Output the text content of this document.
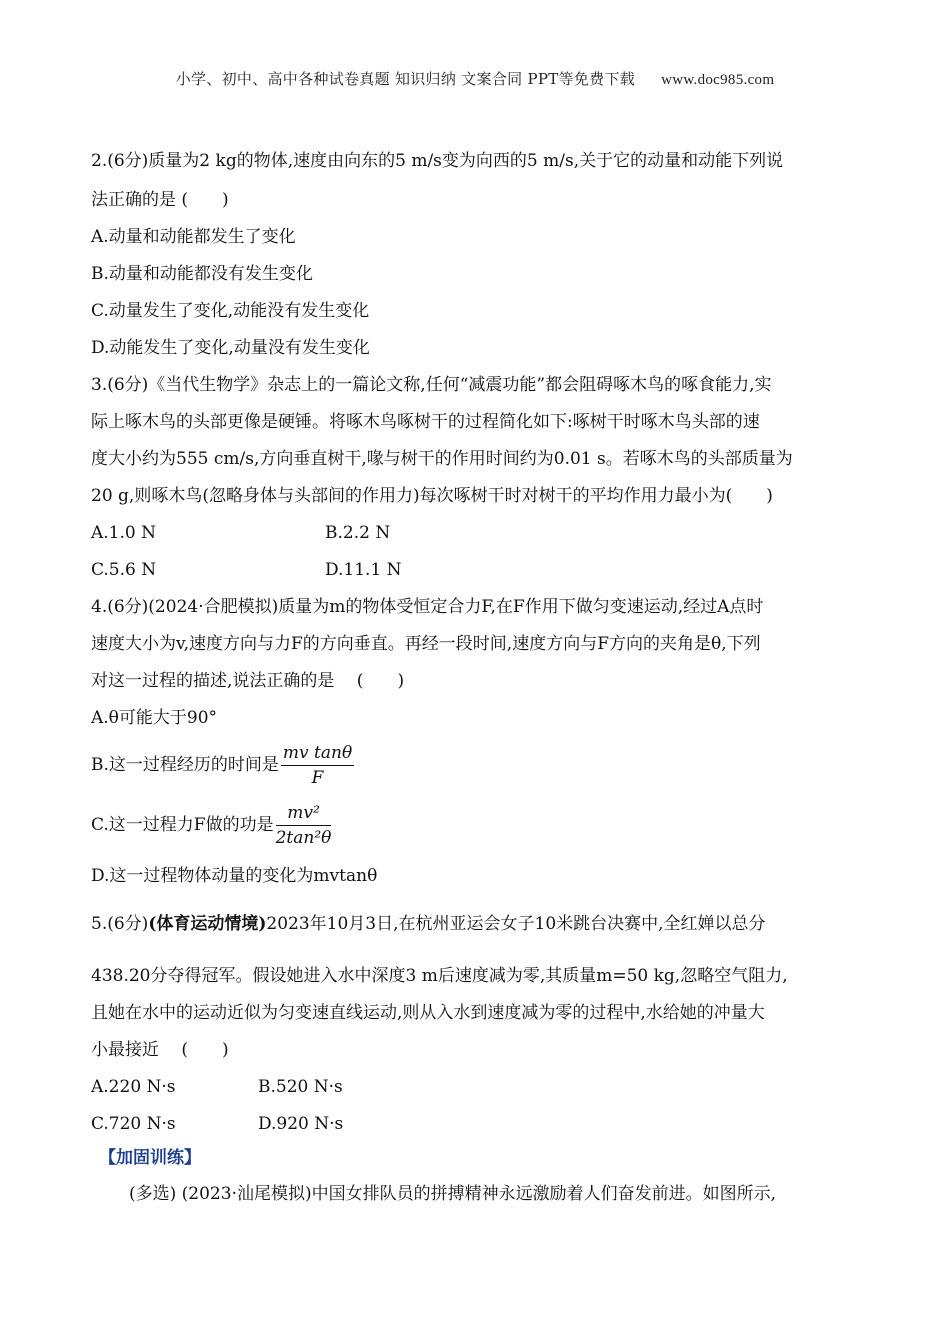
小学、初中、高中各种试卷真题 知识归纳 文案合同 PPT等免费下载 www.doc985.com
2.(6分)质量为2 kg的物体,速度由向东的5 m/s变为向西的5 m/s,关于它的动量和动能下列说
法正确的是 (　　)
A.动量和动能都发生了变化
B.动量和动能都没有发生变化
C.动量发生了变化,动能没有发生变化
D.动能发生了变化,动量没有发生变化
3.(6分)《当代生物学》杂志上的一篇论文称,任何“减震功能”都会阻碍啄木鸟的啄食能力,实
际上啄木鸟的头部更像是硬锤。将啄木鸟啄树干的过程简化如下:啄树干时啄木鸟头部的速
度大小约为555 cm/s,方向垂直树干,喙与树干的作用时间约为0.01 s。若啄木鸟的头部质量为
20 g,则啄木鸟(忽略身体与头部间的作用力)每次啄树干时对树干的平均作用力最小为(　　)
A.1.0 N	B.2.2 N
C.5.6 N	D.11.1 N
4.(6分)(2024·合肥模拟)质量为m的物体受恒定合力F,在F作用下做匀变速运动,经过A点时
速度大小为v,速度方向与力F的方向垂直。再经一段时间,速度方向与F方向的夹角是θ,下列
对这一过程的描述,说法正确的是　 (　　)
A.θ可能大于90°
B.这一过程经历的时间是 $\frac{\text{mv tanθ}}{F}$
C.这一过程力F做的功是 $\frac{\text{mv²}}{\text{2tan²θ}}$
D.这一过程物体动量的变化为mvtanθ
5.(6分)(体育运动情境)2023年10月3日,在杭州亚运会女子10米跳台决赛中,全红婵以总分
438.20分夺得冠军。假设她进入水中深度3 m后速度减为零,其质量m=50 kg,忽略空气阻力,
且她在水中的运动近似为匀变速直线运动,则从入水到速度减为零的过程中,水给她的冲量大
小最接近　 (　　)
A.220 N·s	B.520 N·s
C.720 N·s	D.920 N·s
【加固训练】
(多选) (2023·汕尾模拟)中国女排队员的拼搏精神永远激励着人们奋发前进。如图所示,
